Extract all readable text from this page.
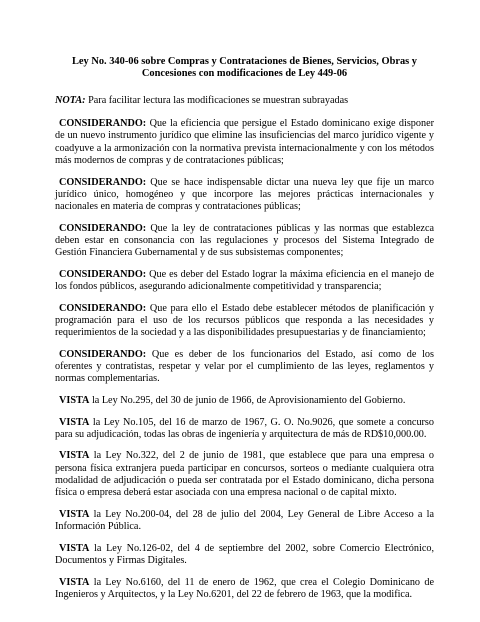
Ley No. 340-06 sobre Compras y Contrataciones de Bienes, Servicios, Obras y
Concesiones con modificaciones de Ley 449-06

NOTA: Para facilitar lectura las modificaciones se muestran subrayadas

CONSIDERANDO: Que la eficiencia que persigue el Estado dominicano exige disponer de un nuevo instrumento jurídico que elimine las insuficiencias del marco jurídico vigente y coadyuve a la armonización con la normativa prevista internacionalmente y con los métodos más modernos de compras y de contrataciones públicas;

CONSIDERANDO: Que se hace indispensable dictar una nueva ley que fije un marco jurídico único, homogéneo y que incorpore las mejores prácticas internacionales y nacionales en materia de compras y contrataciones públicas;

CONSIDERANDO: Que la ley de contrataciones públicas y las normas que establezca deben estar en consonancia con las regulaciones y procesos del Sistema Integrado de Gestión Financiera Gubernamental y de sus subsistemas componentes;

CONSIDERANDO: Que es deber del Estado lograr la máxima eficiencia en el manejo de los fondos públicos, asegurando adicionalmente competitividad y transparencia;

CONSIDERANDO: Que para ello el Estado debe establecer métodos de planificación y programación para el uso de los recursos públicos que responda a las necesidades y requerimientos de la sociedad y a las disponibilidades presupuestarias y de financiamiento;

CONSIDERANDO: Que es deber de los funcionarios del Estado, así como de los oferentes y contratistas, respetar y velar por el cumplimiento de las leyes, reglamentos y normas complementarias.

VISTA la Ley No.295, del 30 de junio de 1966, de Aprovisionamiento del Gobierno.

VISTA la Ley No.105, del 16 de marzo de 1967, G. O. No.9026, que somete a concurso para su adjudicación, todas las obras de ingeniería y arquitectura de más de RD$10,000.00.

VISTA la Ley No.322, del 2 de junio de 1981, que establece que para una empresa o persona física extranjera pueda participar en concursos, sorteos o mediante cualquiera otra modalidad de adjudicación o pueda ser contratada por el Estado dominicano, dicha persona física o empresa deberá estar asociada con una empresa nacional o de capital mixto.

VISTA la Ley No.200-04, del 28 de julio del 2004, Ley General de Libre Acceso a la Información Pública.

VISTA la Ley No.126-02, del 4 de septiembre del 2002, sobre Comercio Electrónico, Documentos y Firmas Digitales.

VISTA la Ley No.6160, del 11 de enero de 1962, que crea el Colegio Dominicano de Ingenieros y Arquitectos, y la Ley No.6201, del 22 de febrero de 1963, que la modifica.
